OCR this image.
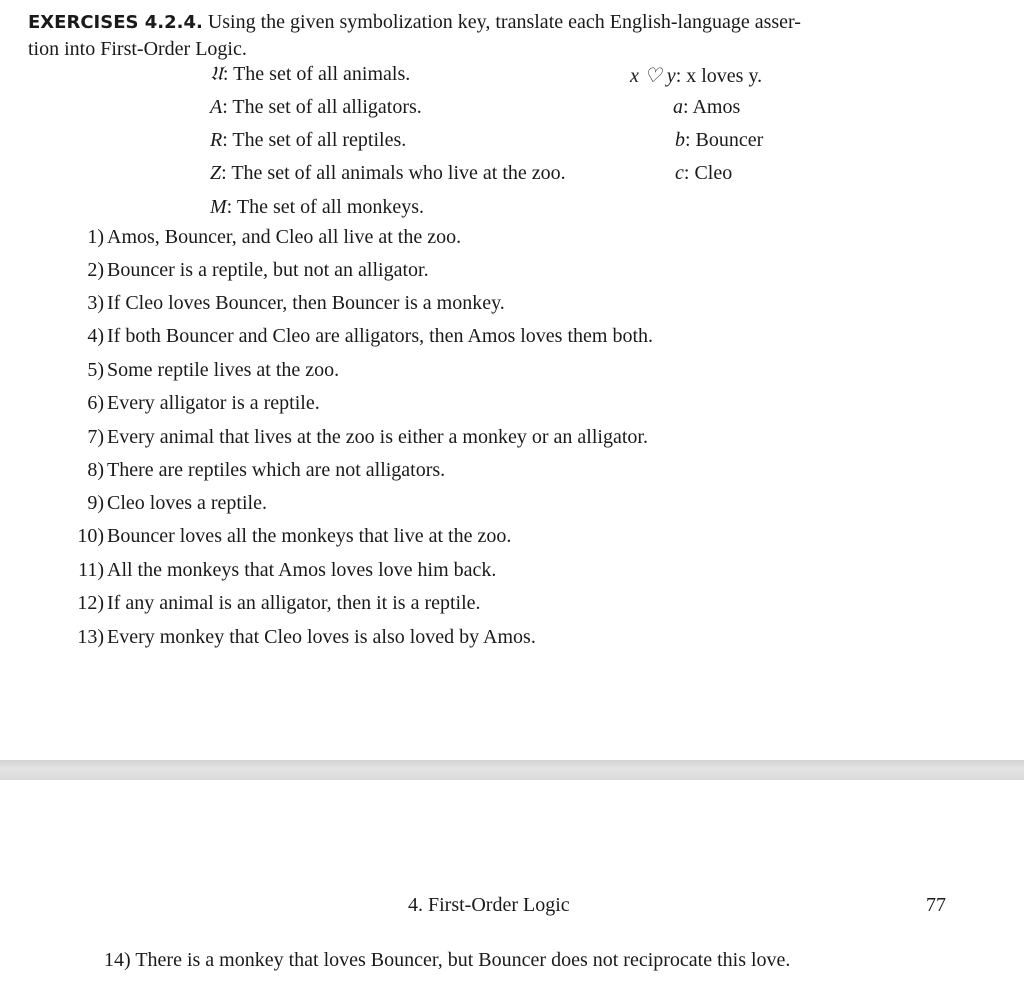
EXERCISES 4.2.4. Using the given symbolization key, translate each English-language asser-
tion into First-Order Logic.
𝔘: The set of all animals.
A: The set of all alligators.
R: The set of all reptiles.
Z: The set of all animals who live at the zoo.
M: The set of all monkeys.
x ♡ y: x loves y.
a: Amos
b: Bouncer
c: Cleo
1) Amos, Bouncer, and Cleo all live at the zoo.
2) Bouncer is a reptile, but not an alligator.
3) If Cleo loves Bouncer, then Bouncer is a monkey.
4) If both Bouncer and Cleo are alligators, then Amos loves them both.
5) Some reptile lives at the zoo.
6) Every alligator is a reptile.
7) Every animal that lives at the zoo is either a monkey or an alligator.
8) There are reptiles which are not alligators.
9) Cleo loves a reptile.
10) Bouncer loves all the monkeys that live at the zoo.
11) All the monkeys that Amos loves love him back.
12) If any animal is an alligator, then it is a reptile.
13) Every monkey that Cleo loves is also loved by Amos.
4. First-Order Logic	77
14) There is a monkey that loves Bouncer, but Bouncer does not reciprocate this love.
